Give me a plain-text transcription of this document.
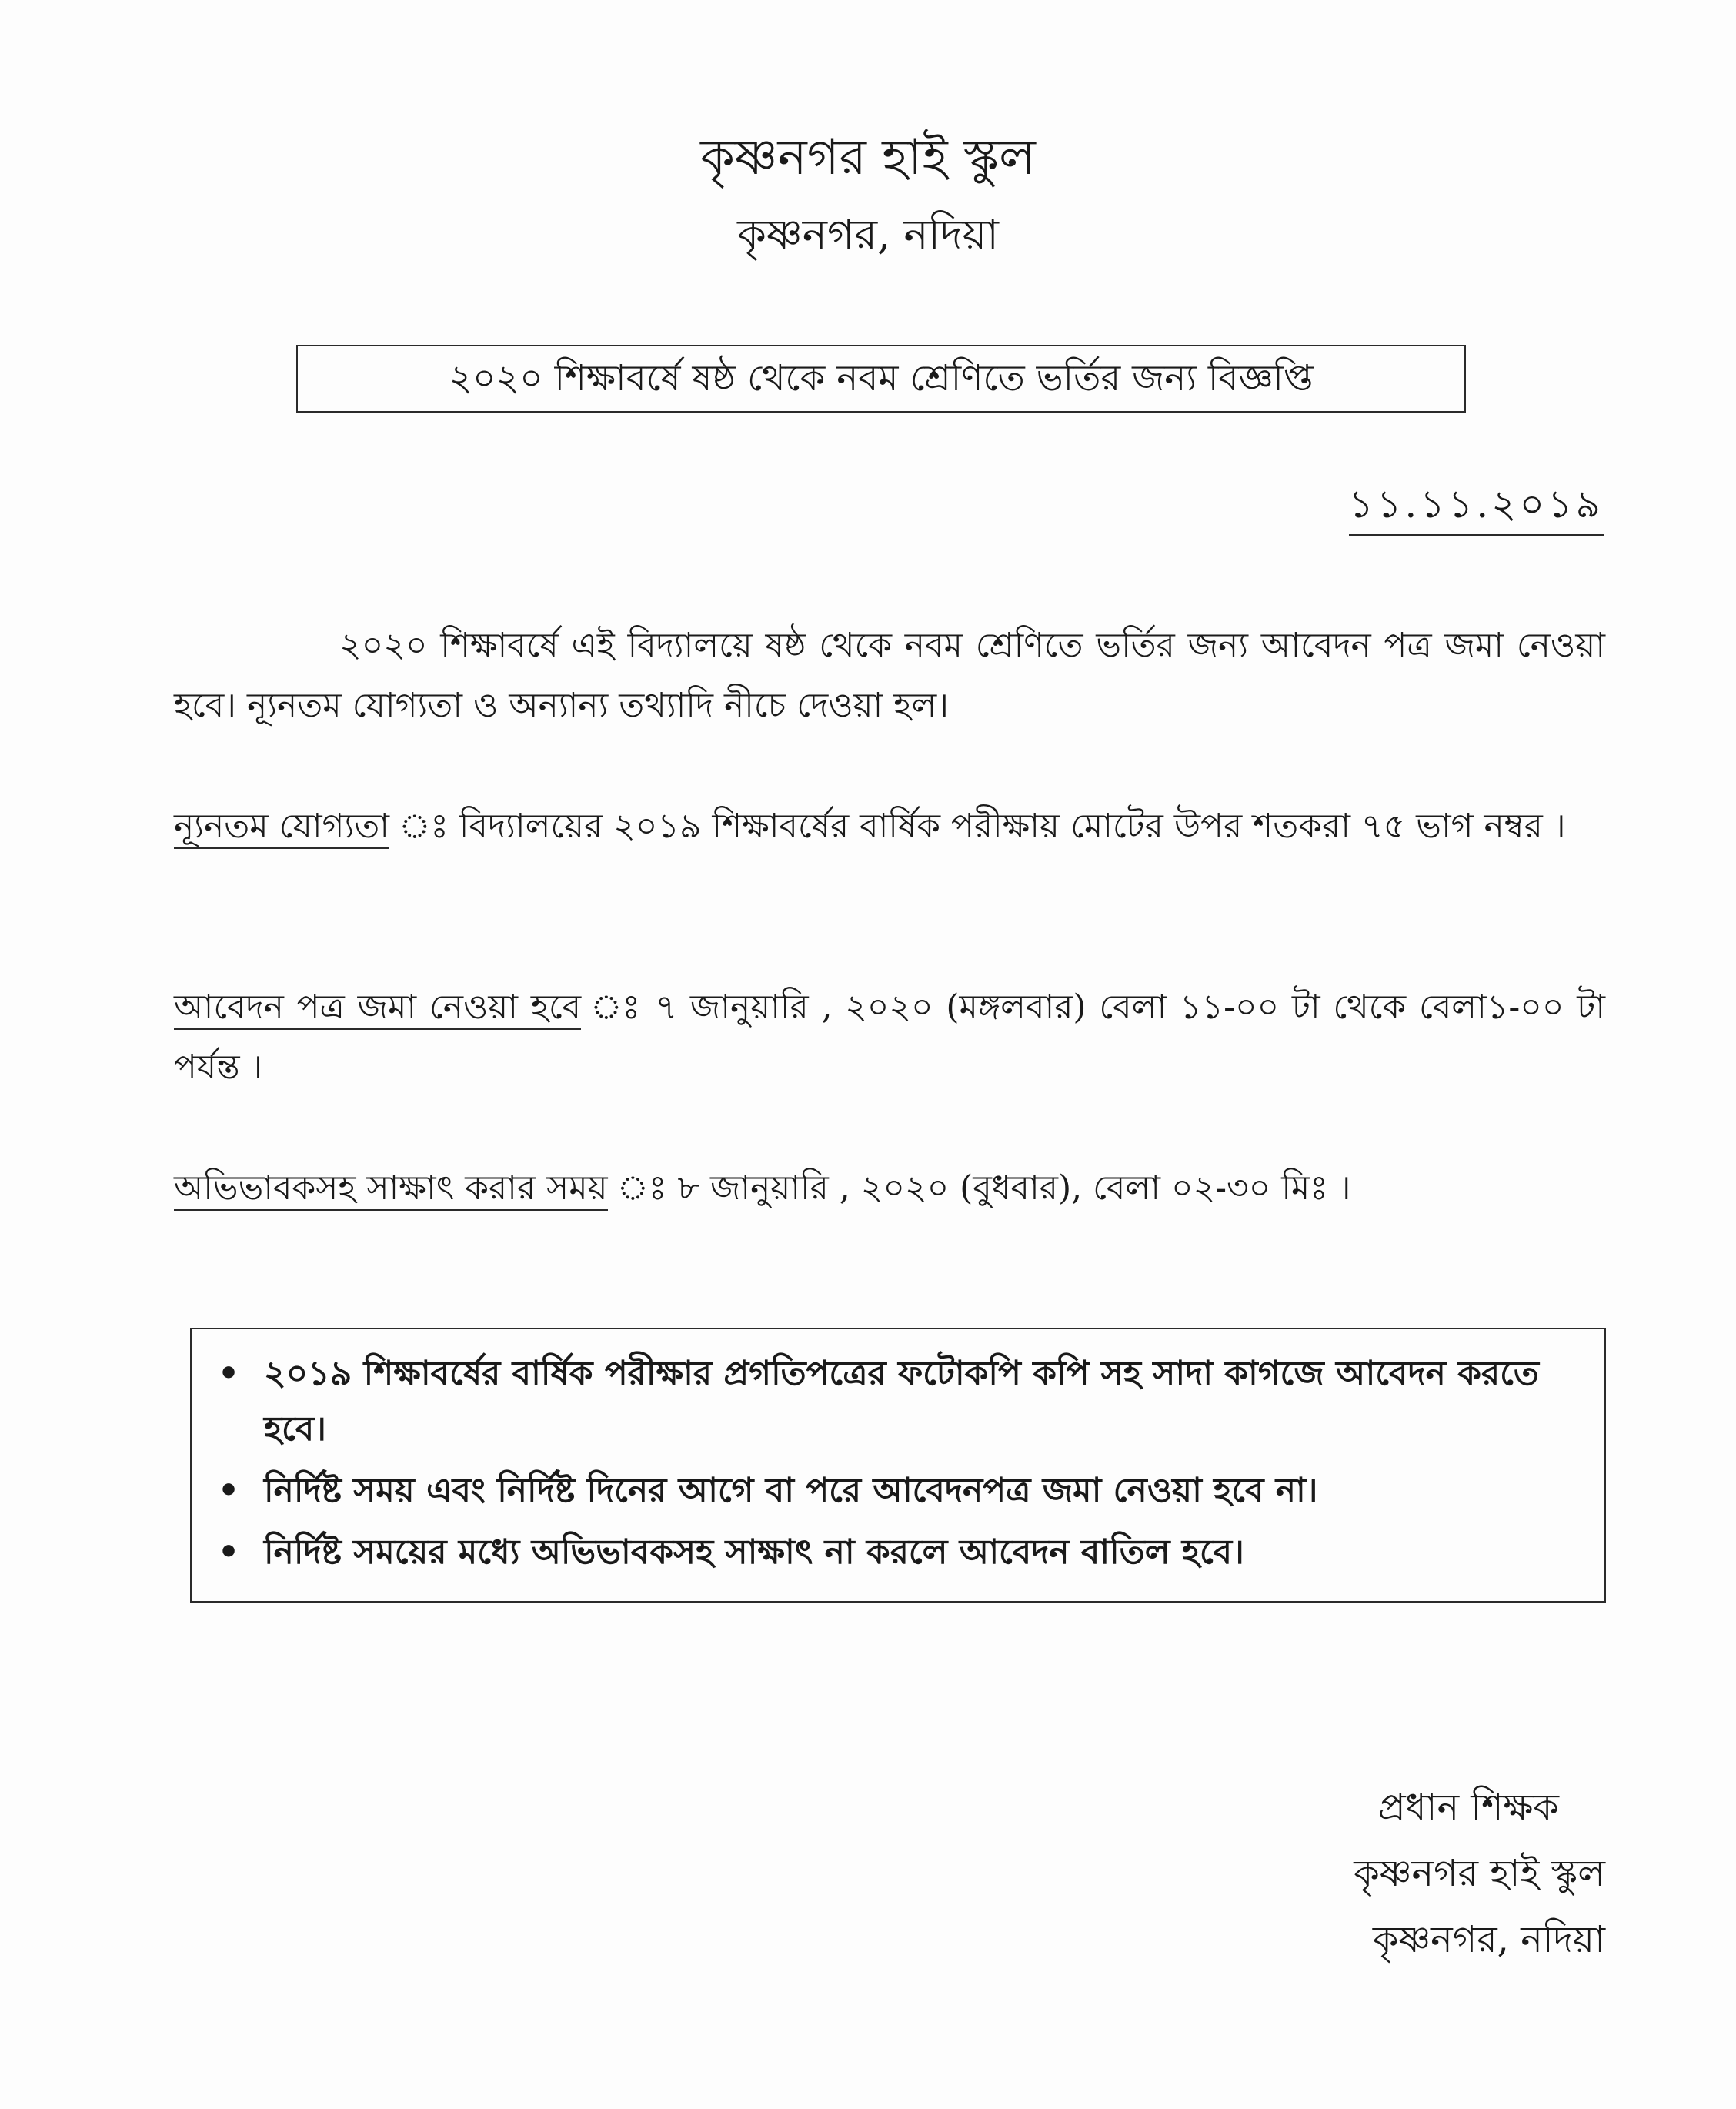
কৃষ্ণনগর হাই স্কুল
কৃষ্ণনগর, নদিয়া
২০২০ শিক্ষাবর্ষে ষষ্ঠ থেকে নবম শ্রেণিতে ভর্তির জন্য বিজ্ঞপ্তি
১১.১১.২০১৯
২০২০ শিক্ষাবর্ষে এই বিদ্যালয়ে ষষ্ঠ থেকে নবম শ্রেণিতে ভর্তির জন্য আবেদন পত্র জমা নেওয়া হবে। ন্যূনতম যোগ্যতা ও অন্যান্য তথ্যাদি নীচে দেওয়া হল।
ন্যূনতম যোগ্যতা ঃ বিদ্যালয়ের ২০১৯ শিক্ষাবর্ষের বার্ষিক পরীক্ষায় মোটের উপর শতকরা ৭৫ ভাগ নম্বর ।
আবেদন পত্র জমা নেওয়া হবে ঃ ৭ জানুয়ারি , ২০২০ (মঙ্গলবার) বেলা ১১-০০ টা থেকে বেলা১-০০ টা পর্যন্ত ।
অভিভাবকসহ সাক্ষাৎ করার সময় ঃ ৮ জানুয়ারি , ২০২০ (বুধবার), বেলা ০২-৩০ মিঃ ।
• ২০১৯ শিক্ষাবর্ষের বার্ষিক পরীক্ষার প্রগতিপত্রের ফটোকপি কপি সহ সাদা কাগজে আবেদন করতে হবে।
• নির্দিষ্ট সময় এবং নির্দিষ্ট দিনের আগে বা পরে আবেদনপত্র জমা নেওয়া হবে না।
• নির্দিষ্ট সময়ের মধ্যে অভিভাবকসহ সাক্ষাৎ না করলে আবেদন বাতিল হবে।
প্রধান শিক্ষক
কৃষ্ণনগর হাই স্কুল
কৃষ্ণনগর, নদিয়া
